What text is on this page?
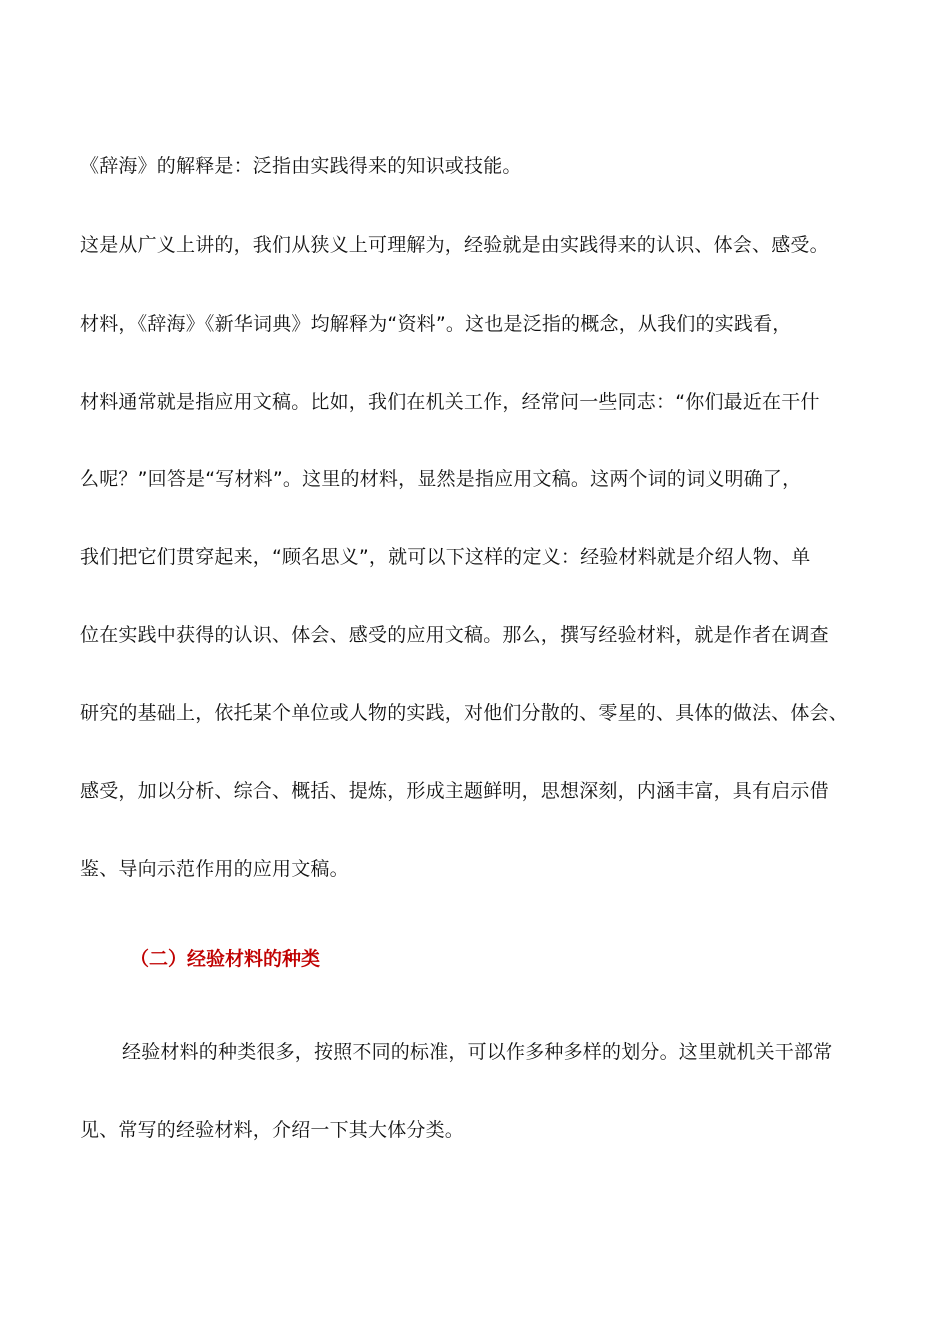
《辞海》的解释是：泛指由实践得来的知识或技能。
这是从广义上讲的，我们从狭义上可理解为，经验就是由实践得来的认识、体会、感受。
材料，《辞海》《新华词典》均解释为“资料”。这也是泛指的概念，从我们的实践看，
材料通常就是指应用文稿。比如，我们在机关工作，经常问一些同志：“你们最近在干什
么呢？”回答是“写材料”。这里的材料，显然是指应用文稿。这两个词的词义明确了，
我们把它们贯穿起来，“顾名思义”，就可以下这样的定义：经验材料就是介绍人物、单
位在实践中获得的认识、体会、感受的应用文稿。那么，撰写经验材料，就是作者在调查
研究的基础上，依托某个单位或人物的实践，对他们分散的、零星的、具体的做法、体会、
感受，加以分析、综合、概括、提炼，形成主题鲜明，思想深刻，内涵丰富，具有启示借
鉴、导向示范作用的应用文稿。
（二）经验材料的种类
经验材料的种类很多，按照不同的标准，可以作多种多样的划分。这里就机关干部常
见、常写的经验材料，介绍一下其大体分类。
